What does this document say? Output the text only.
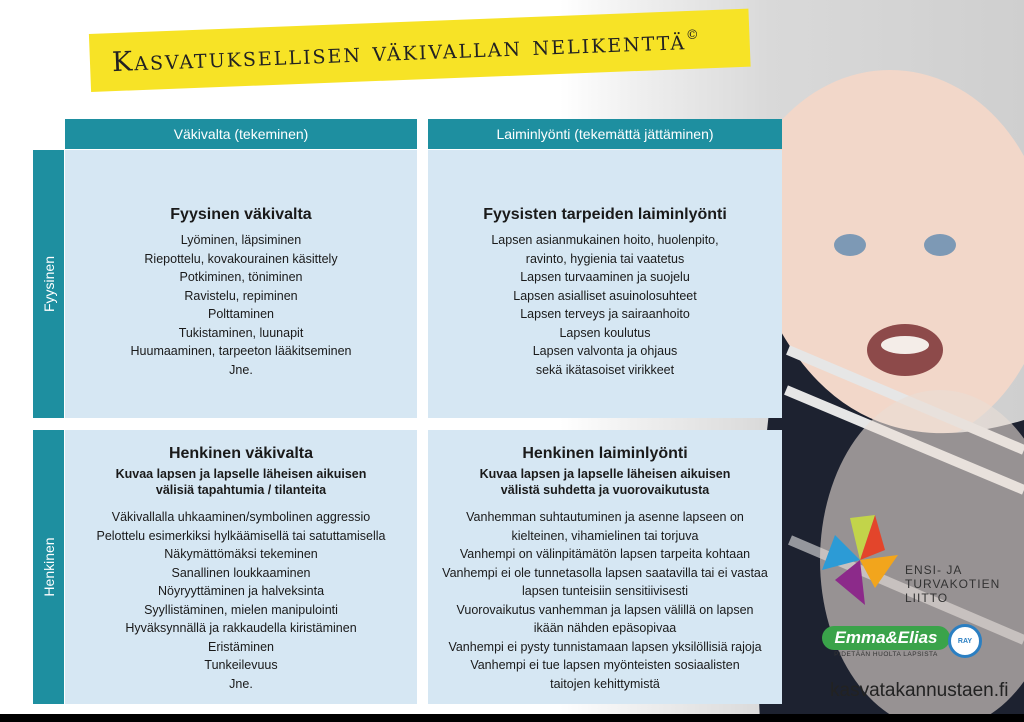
Kasvatuksellisen väkivallan nelikenttä©
Väkivalta (tekeminen)	Laiminlyönti (tekemättä jättäminen)
Fyysinen
Henkinen
Fyysinen väkivalta
Lyöminen, läpsiminen
Riepottelu, kovakourainen käsittely
Potkiminen, töniminen
Ravistelu, repiminen
Polttaminen
Tukistaminen, luunapit
Huumaaminen, tarpeeton lääkitseminen
Jne.
Fyysisten tarpeiden laiminlyönti
Lapsen asianmukainen hoito, huolenpito,
ravinto, hygienia tai vaatetus
Lapsen turvaaminen ja suojelu
Lapsen asialliset asuinolosuhteet
Lapsen terveys ja sairaanhoito
Lapsen koulutus
Lapsen valvonta ja ohjaus
sekä ikätasoiset virikkeet
Henkinen väkivalta
Kuvaa lapsen ja lapselle läheisen aikuisen välisiä tapahtumia / tilanteita
Väkivallalla uhkaaminen/symbolinen aggressio
Pelottelu esimerkiksi hylkäämisellä tai satuttamisella
Näkymättömäksi tekeminen
Sanallinen loukkaaminen
Nöyryyttäminen ja halveksinta
Syyllistäminen, mielen manipulointi
Hyväksynnällä ja rakkaudella kiristäminen
Eristäminen
Tunkeilevuus
Jne.
Henkinen laiminlyönti
Kuvaa lapsen ja lapselle läheisen aikuisen välistä suhdetta ja vuorovaikutusta
Vanhemman suhtautuminen ja asenne lapseen on
kielteinen, vihamielinen tai torjuva
Vanhempi on välinpitämätön lapsen tarpeita kohtaan
Vanhempi ei ole tunnetasolla lapsen saatavilla tai ei vastaa
lapsen tunteisiin sensitiivisesti
Vuorovaikutus vanhemman ja lapsen välillä on lapsen
ikään nähden epäsopivaa
Vanhempi ei pysty tunnistamaan lapsen yksilöllisiä rajoja
Vanhempi ei tue lapsen myönteisten sosiaalisten
taitojen kehittymistä
ENSI- JA
TURVAKOTIEN
LIITTO
Emma&Elias
PIDETÄÄN HUOLTA LAPSISTA
RAY
kasvatakannustaen.fi
